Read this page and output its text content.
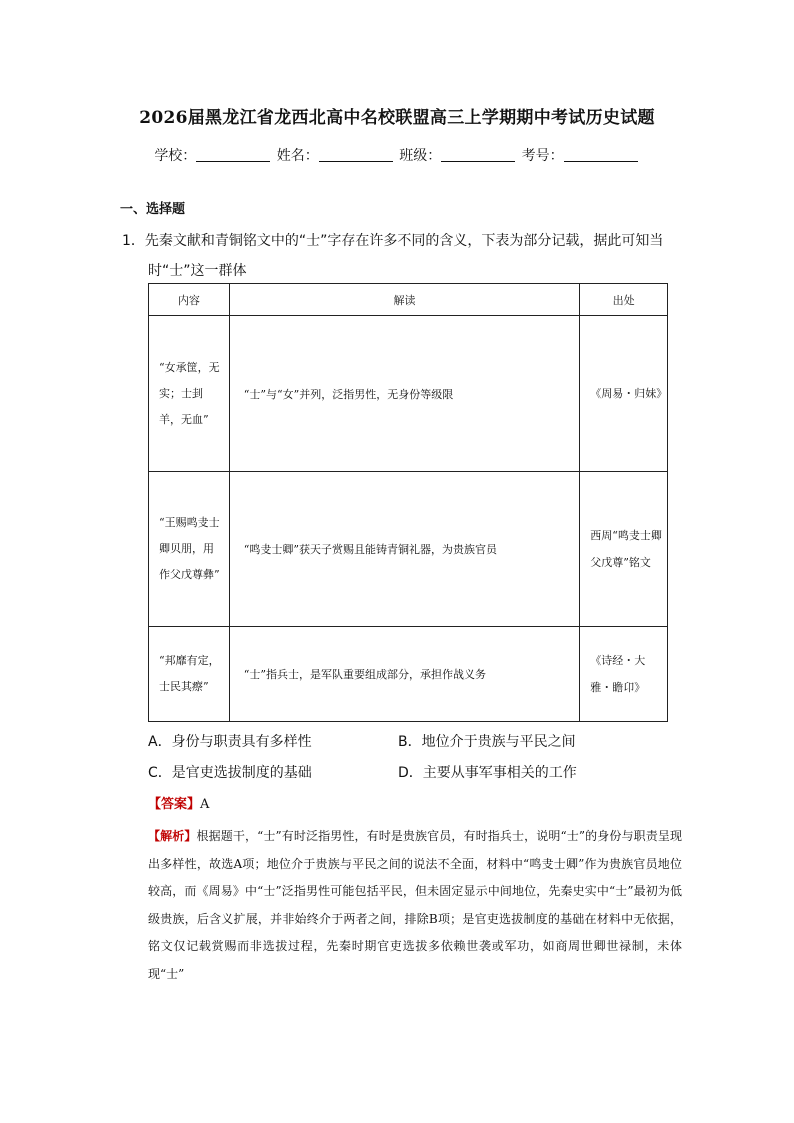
2026届黑龙江省龙西北高中名校联盟高三上学期期中考试历史试题
学校：	姓名：	班级：	考号：
一、选择题
1．先秦文献和青铜铭文中的“士”字存在许多不同的含义，下表为部分记载，据此可知当
时“士”这一群体
内容	解读	出处
“女承筐，无实；士刲羊，无血”	“士”与“女”并列，泛指男性，无身份等级限	《周易・归妹》
“王赐鸣叏士卿贝朋，用作父戊尊彝”	“鸣叏士卿”获天子赏赐且能铸青铜礼器，为贵族官员	西周“鸣叏士卿父戊尊”铭文
“邦靡有定，士民其瘵”	“士”指兵士，是军队重要组成部分，承担作战义务	《诗经・大雅・瞻卬》
A．身份与职责具有多样性	B．地位介于贵族与平民之间
C．是官吏选拔制度的基础	D．主要从事军事相关的工作
【答案】A
【解析】根据题干，“士”有时泛指男性，有时是贵族官员，有时指兵士，说明“士”的身份与职责呈现出多样性，故选A项；地位介于贵族与平民之间的说法不全面，材料中“鸣叏士卿”作为贵族官员地位较高，而《周易》中“士”泛指男性可能包括平民，但未固定显示中间地位，先秦史实中“士”最初为低级贵族，后含义扩展，并非始终介于两者之间，排除B项；是官吏选拔制度的基础在材料中无依据，铭文仅记载赏赐而非选拔过程，先秦时期官吏选拔多依赖世袭或军功，如商周世卿世禄制，未体现“士”
